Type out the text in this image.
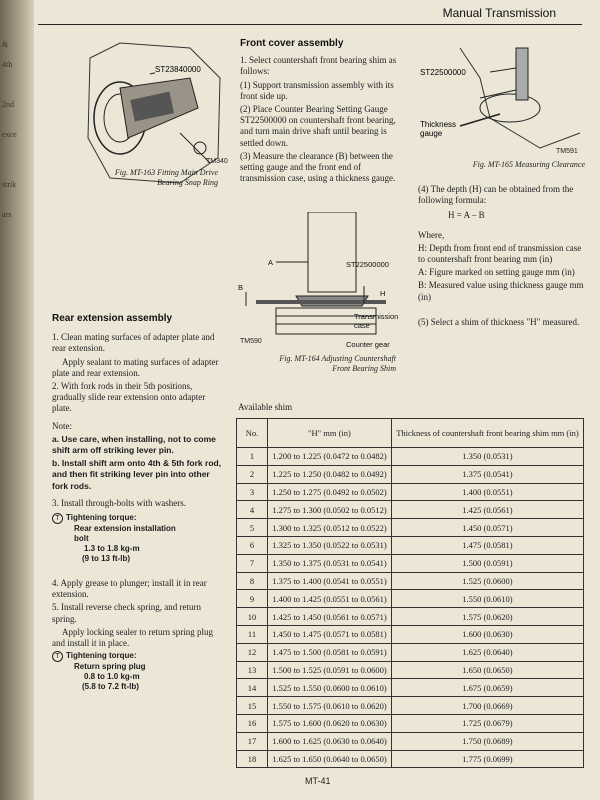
&
4th
2nd
exce
strik
ars
Manual Transmission
ST23840000
TM340
Fig. MT-163 Fitting Main Drive
Bearing Snap Ring
Rear extension assembly

1. Clean mating surfaces of adapter plate and rear extension.

Apply sealant to mating surfaces of adapter plate and rear extension.

2. With fork rods in their 5th positions, gradually slide rear extension onto adapter plate.

Note:

a. Use care, when installing, not to come shift arm off striking lever pin.

b. Install shift arm onto 4th & 5th fork rod, and then fit striking lever pin into other fork rods.

3. Install through-bolts with washers.

T Tightening torque:
Rear extension installation
bolt
1.3 to 1.8 kg-m
(9 to 13 ft-lb)

4. Apply grease to plunger; install it in rear extension.

5. Install reverse check spring, and return spring.

Apply locking sealer to return spring plug and install it in place.

T Tightening torque:
Return spring plug
0.8 to 1.0 kg-m
(5.8 to 7.2 ft-lb)
Front cover assembly

1. Select countershaft front bearing shim as follows:

(1) Support transmission assembly with its front side up.

(2) Place Counter Bearing Setting Gauge ST22500000 on countershaft front bearing, and turn main drive shaft until bearing is settled down.

(3) Measure the clearance (B) between the setting gauge and the front end of transmission case, using a thickness gauge.

A	ST22500000
B
H
Transmission
case
Counter gear
TM590
Fig. MT-164 Adjusting Countershaft
Front Bearing Shim
ST22500000
Thickness
gauge
TM591
Fig. MT-165 Measuring Clearance

(4) The depth (H) can be obtained from the following formula:

H = A – B

Where,

H: Depth from front end of transmission case to countershaft front bearing mm (in)

A: Figure marked on setting gauge mm (in)

B: Measured value using thickness gauge mm (in)

(5) Select a shim of thickness "H" measured.

Available shim
No.	"H" mm (in)	Thickness of countershaft front bearing shim mm (in)
1	1.200 to 1.225 (0.0472 to 0.0482)	1.350 (0.0531)
2	1.225 to 1.250 (0.0482 to 0.0492)	1.375 (0.0541)
3	1.250 to 1.275 (0.0492 to 0.0502)	1.400 (0.0551)
4	1.275 to 1.300 (0.0502 to 0.0512)	1.425 (0.0561)
5	1.300 to 1.325 (0.0512 to 0.0522)	1.450 (0.0571)
6	1.325 to 1.350 (0.0522 to 0.0531)	1.475 (0.0581)
7	1.350 to 1.375 (0.0531 to 0.0541)	1.500 (0.0591)
8	1.375 to 1.400 (0.0541 to 0.0551)	1.525 (0.0600)
9	1.400 to 1.425 (0.0551 to 0.0561)	1.550 (0.0610)
10	1.425 to 1.450 (0.0561 to 0.0571)	1.575 (0.0620)
11	1.450 to 1.475 (0.0571 to 0.0581)	1.600 (0.0630)
12	1.475 to 1.500 (0.0581 to 0.0591)	1.625 (0.0640)
13	1.500 to 1.525 (0.0591 to 0.0600)	1.650 (0.0650)
14	1.525 to 1.550 (0.0600 to 0.0610)	1.675 (0.0659)
15	1.550 to 1.575 (0.0610 to 0.0620)	1.700 (0.0669)
16	1.575 to 1.600 (0.0620 to 0.0630)	1.725 (0.0679)
17	1.600 to 1.625 (0.0630 to 0.0640)	1.750 (0.0689)
18	1.625 to 1.650 (0.0640 to 0.0650)	1.775 (0.0699)
MT-41
